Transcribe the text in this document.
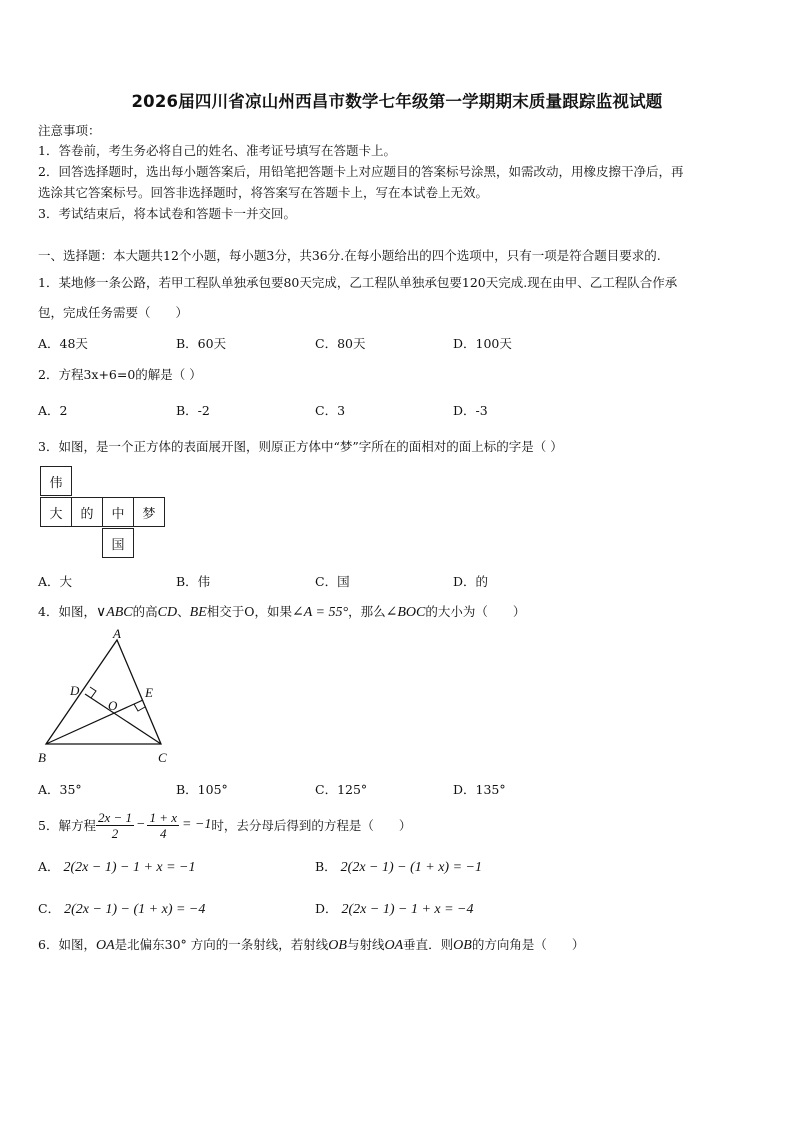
2026届四川省凉山州西昌市数学七年级第一学期期末质量跟踪监视试题
注意事项：
1．答卷前，考生务必将自己的姓名、准考证号填写在答题卡上。
2．回答选择题时，选出每小题答案后，用铅笔把答题卡上对应题目的答案标号涂黑，如需改动，用橡皮擦干净后，再
选涂其它答案标号。回答非选择题时，将答案写在答题卡上，写在本试卷上无效。
3．考试结束后，将本试卷和答题卡一并交回。
一、选择题：本大题共12个小题，每小题3分，共36分.在每小题给出的四个选项中，只有一项是符合题目要求的.
1．某地修一条公路，若甲工程队单独承包要80天完成，乙工程队单独承包要120天完成.现在由甲、乙工程队合作承
包，完成任务需要（　　）
A．48天	B．60天	C．80天	D．100天
2．方程3x+6=0的解是（ ）
A．2	B．-2	C．3	D．-3
3．如图，是一个正方体的表面展开图，则原正方体中“梦”字所在的面相对的面上标的字是（ ）
伟
大	的	中	梦
国
A．大	B．伟	C．国	D．的
4．如图，∨ABC的高CD、BE相交于O，如果∠A = 55°，那么∠BOC的大小为（　　）
A
D	E
O
B	C
A．35°	B．105°	C．125°	D．135°
5．解方程 $\frac{2x - 1}{2} - \frac{1 + x}{4} = -1$ 时，去分母后得到的方程是（　　）
A． 2(2x − 1) − 1 + x = −1	B． 2(2x − 1) − (1 + x) = −1
C． 2(2x − 1) − (1 + x) = −4	D． 2(2x − 1) − 1 + x = −4
6．如图，OA是北偏东30° 方向的一条射线，若射线OB与射线OA垂直．则OB的方向角是（　　）
